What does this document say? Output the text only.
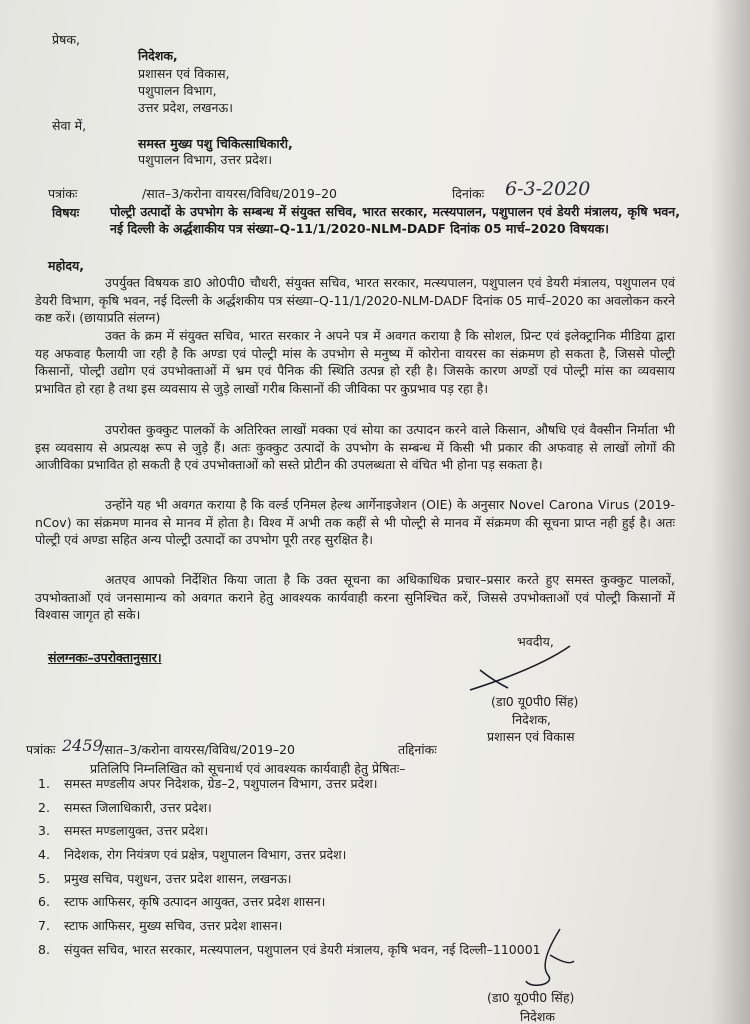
प्रेषक,
निदेशक,
प्रशासन एवं विकास,
पशुपालन विभाग,
उत्तर प्रदेश, लखनऊ।
सेवा में,
समस्त मुख्य पशु चिकित्साधिकारी,
पशुपालन विभाग, उत्तर प्रदेश।
पत्रांकः	/सात–3/करोना वायरस/विविध/2019–20	दिनांकः 6-3-2020
विषयः पोल्ट्री उत्पादों के उपभोग के सम्बन्ध में संयुक्त सचिव, भारत सरकार, मत्स्यपालन, पशुपालन एवं डेयरी मंत्रालय, कृषि भवन, नई दिल्ली के अर्द्धशाकीय पत्र संख्या–Q-11/1/2020-NLM-DADF दिनांक 05 मार्च–2020 विषयक।

महोदय,

उपर्युक्त विषयक डा0 ओ0पी0 चौधरी, संयुक्त सचिव, भारत सरकार, मत्स्यपालन, पशुपालन एवं डेयरी मंत्रालय, पशुपालन एवं डेयरी विभाग, कृषि भवन, नई दिल्ली के अर्द्धशकीय पत्र संख्या–Q-11/1/2020-NLM-DADF दिनांक 05 मार्च–2020 का अवलोकन करने कष्ट करें। (छायाप्रति संलग्न)

उक्त के क्रम में संयुक्त सचिव, भारत सरकार ने अपने पत्र में अवगत कराया है कि सोशल, प्रिन्ट एवं इलेक्ट्रानिक मीडिया द्वारा यह अफवाह फैलायी जा रही है कि अण्डा एवं पोल्ट्री मांस के उपभोग से मनुष्य में कोरोना वायरस का संक्रमण हो सकता है, जिससे पोल्ट्री किसानों, पोल्ट्री उद्योग एवं उपभोक्ताओं में भ्रम एवं पैनिक की स्थिति उत्पन्न हो रही है। जिसके कारण अण्डों एवं पोल्ट्री मांस का व्यवसाय प्रभावित हो रहा है तथा इस व्यवसाय से जुड़े लाखों गरीब किसानों की जीविका पर कुप्रभाव पड़ रहा है।

उपरोक्त कुक्कुट पालकों के अतिरिक्त लाखों मक्का एवं सोया का उत्पादन करने वाले किसान, औषधि एवं वैक्सीन निर्माता भी इस व्यवसाय से अप्रत्यक्ष रूप से जुड़े हैं। अतः कुक्कुट उत्पादों के उपभोग के सम्बन्ध में किसी भी प्रकार की अफवाह से लाखों लोगों की आजीविका प्रभावित हो सकती है एवं उपभोक्ताओं को सस्ते प्रोटीन की उपलब्धता से वंचित भी होना पड़ सकता है।

उन्होंने यह भी अवगत कराया है कि वर्ल्ड एनिमल हेल्थ आर्गेनाइजेशन (OIE) के अनुसार Novel Carona Virus (2019-nCov) का संक्रमण मानव से मानव में होता है। विश्व में अभी तक कहीं से भी पोल्ट्री से मानव में संक्रमण की सूचना प्राप्त नही हुई है। अतः पोल्ट्री एवं अण्डा सहित अन्य पोल्ट्री उत्पादों का उपभोग पूरी तरह सुरक्षित है।

अतएव आपको निर्देशित किया जाता है कि उक्त सूचना का अधिकाधिक प्रचार–प्रसार करते हुए समस्त कुक्कुट पालकों, उपभोक्ताओं एवं जनसामान्य को अवगत कराने हेतु आवश्यक कार्यवाही करना सुनिश्चित करें, जिससे उपभोक्ताओं एवं पोल्ट्री किसानों में विश्वास जागृत हो सके।

संलग्नकः–उपरोक्तानुसार।
भवदीय,
(डा0 यू0पी0 सिंह)
निदेशक,
प्रशासन एवं विकास
पत्रांकः 2459
/सात–3/करोना वायरस/विविध/2019–20	तद्दिनांकः
प्रतिलिपि निम्नलिखित को सूचनार्थ एवं आवश्यक कार्यवाही हेतु प्रेषितः–
1. समस्त मण्डलीय अपर निदेशक, ग्रेड–2, पशुपालन विभाग, उत्तर प्रदेश।
2. समस्त जिलाधिकारी, उत्तर प्रदेश।
3. समस्त मण्डलायुक्त, उत्तर प्रदेश।
4. निदेशक, रोग नियंत्रण एवं प्रक्षेत्र, पशुपालन विभाग, उत्तर प्रदेश।
5. प्रमुख सचिव, पशुधन, उत्तर प्रदेश शासन, लखनऊ।
6. स्टाफ आफिसर, कृषि उत्पादन आयुक्त, उत्तर प्रदेश शासन।
7. स्टाफ आफिसर, मुख्य सचिव, उत्तर प्रदेश शासन।
8. संयुक्त सचिव, भारत सरकार, मत्स्यपालन, पशुपालन एवं डेयरी मंत्रालय, कृषि भवन, नई दिल्ली–110001
(डा0 यू0पी0 सिंह)
निदेशक
